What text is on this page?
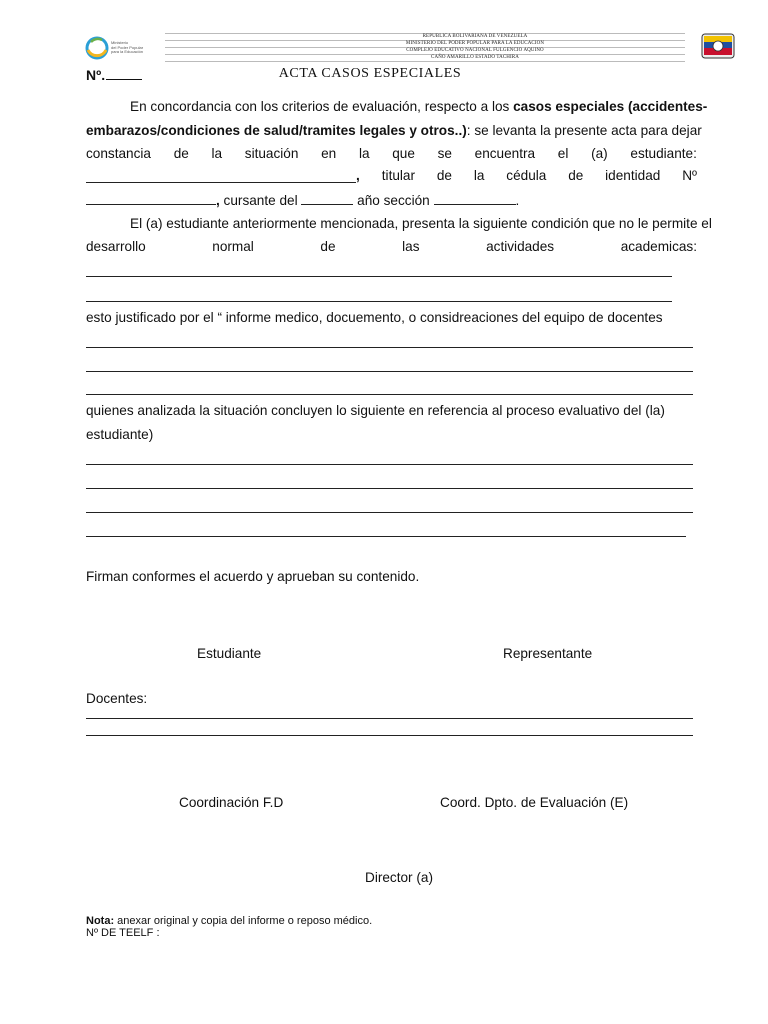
Ministerio
del Poder Popular
para la Educación
REPUBLICA BOLIVARIANA DE VENEZUELA
MINISTERIO DEL PODER POPULAR PARA LA EDUCACION
COMPLEJO EDUCATIVO NACIONAL FULGENCIO AQUINO
CAÑO AMARILLO ESTADO TACHIRA
Nº.	ACTA CASOS ESPECIALES
En concordancia con los criterios de evaluación, respecto a los casos especiales (accidentes-
embarazos/condiciones de salud/tramites legales y otros..): se levanta la presente acta para dejar
constancia de la situación en la que se encuentra el (a) estudiante:
, titular de la cédula de identidad Nº
, cursante del	año sección	.
El (a) estudiante anteriormente mencionada, presenta la siguiente condición que no le permite el
desarrollo	normal	de	las	actividades	academicas:
esto justificado por el “ informe medico, docuemento, o considreaciones del equipo de docentes
quienes analizada la situación concluyen lo siguiente en referencia al proceso evaluativo del (la)
estudiante)
Firman conformes el acuerdo y aprueban su contenido.
Estudiante	Representante
Docentes:
Coordinación F.D	Coord. Dpto. de Evaluación (E)
Director (a)
Nota: anexar original y copia del informe o reposo médico.
Nº DE TEELF :
